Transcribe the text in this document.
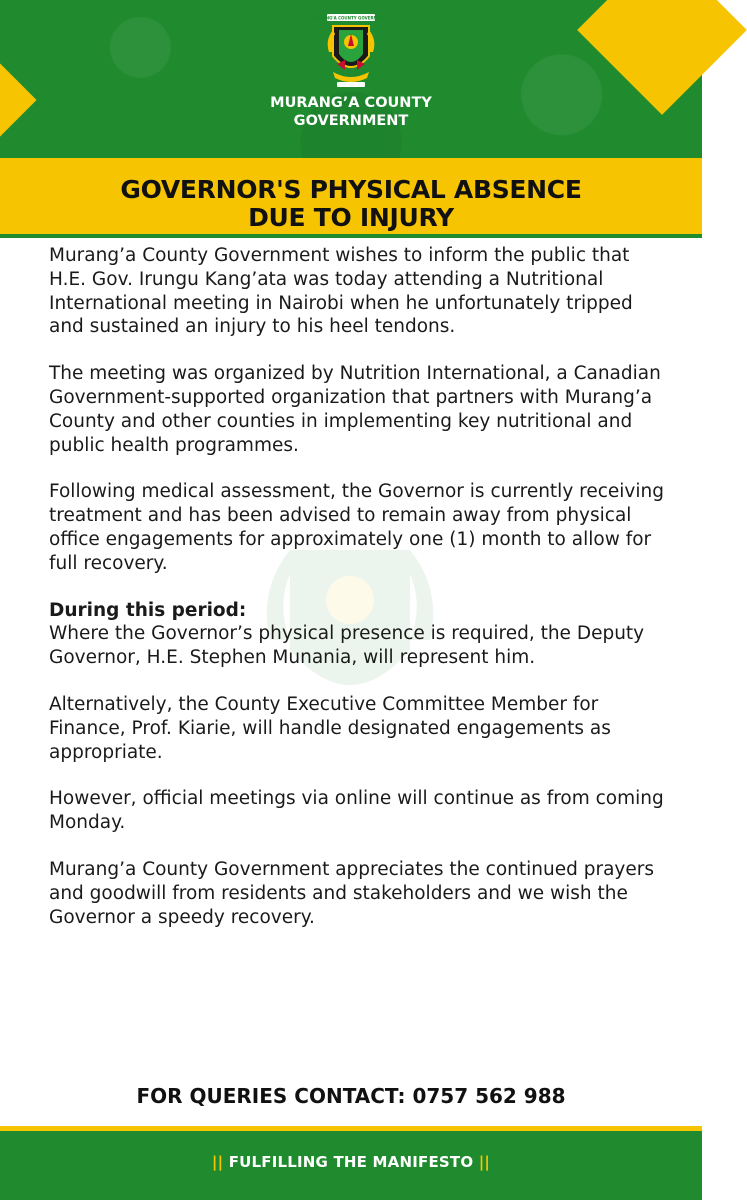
MURANG'A COUNTY GOVERNMENT
MURANG’A COUNTY
GOVERNMENT
GOVERNOR'S PHYSICAL ABSENCE
DUE TO INJURY

Murang’a County Government wishes to inform the public that H.E. Gov. Irungu Kang’ata was today attending a Nutritional International meeting in Nairobi when he unfortunately tripped and sustained an injury to his heel tendons.

The meeting was organized by Nutrition International, a Canadian Government-supported organization that partners with Murang’a County and other counties in implementing key nutritional and public health programmes.

Following medical assessment, the Governor is currently receiving treatment and has been advised to remain away from physical office engagements for approximately one (1) month to allow for full recovery.

During this period:
Where the Governor’s physical presence is required, the Deputy Governor, H.E. Stephen Munania, will represent him.

Alternatively, the County Executive Committee Member for Finance, Prof. Kiarie, will handle designated engagements as appropriate.

However, official meetings via online will continue as from coming Monday.

Murang’a County Government appreciates the continued prayers and goodwill from residents and stakeholders and we wish the Governor a speedy recovery.

FOR QUERIES CONTACT: 0757 562 988
|| FULFILLING THE MANIFESTO ||
